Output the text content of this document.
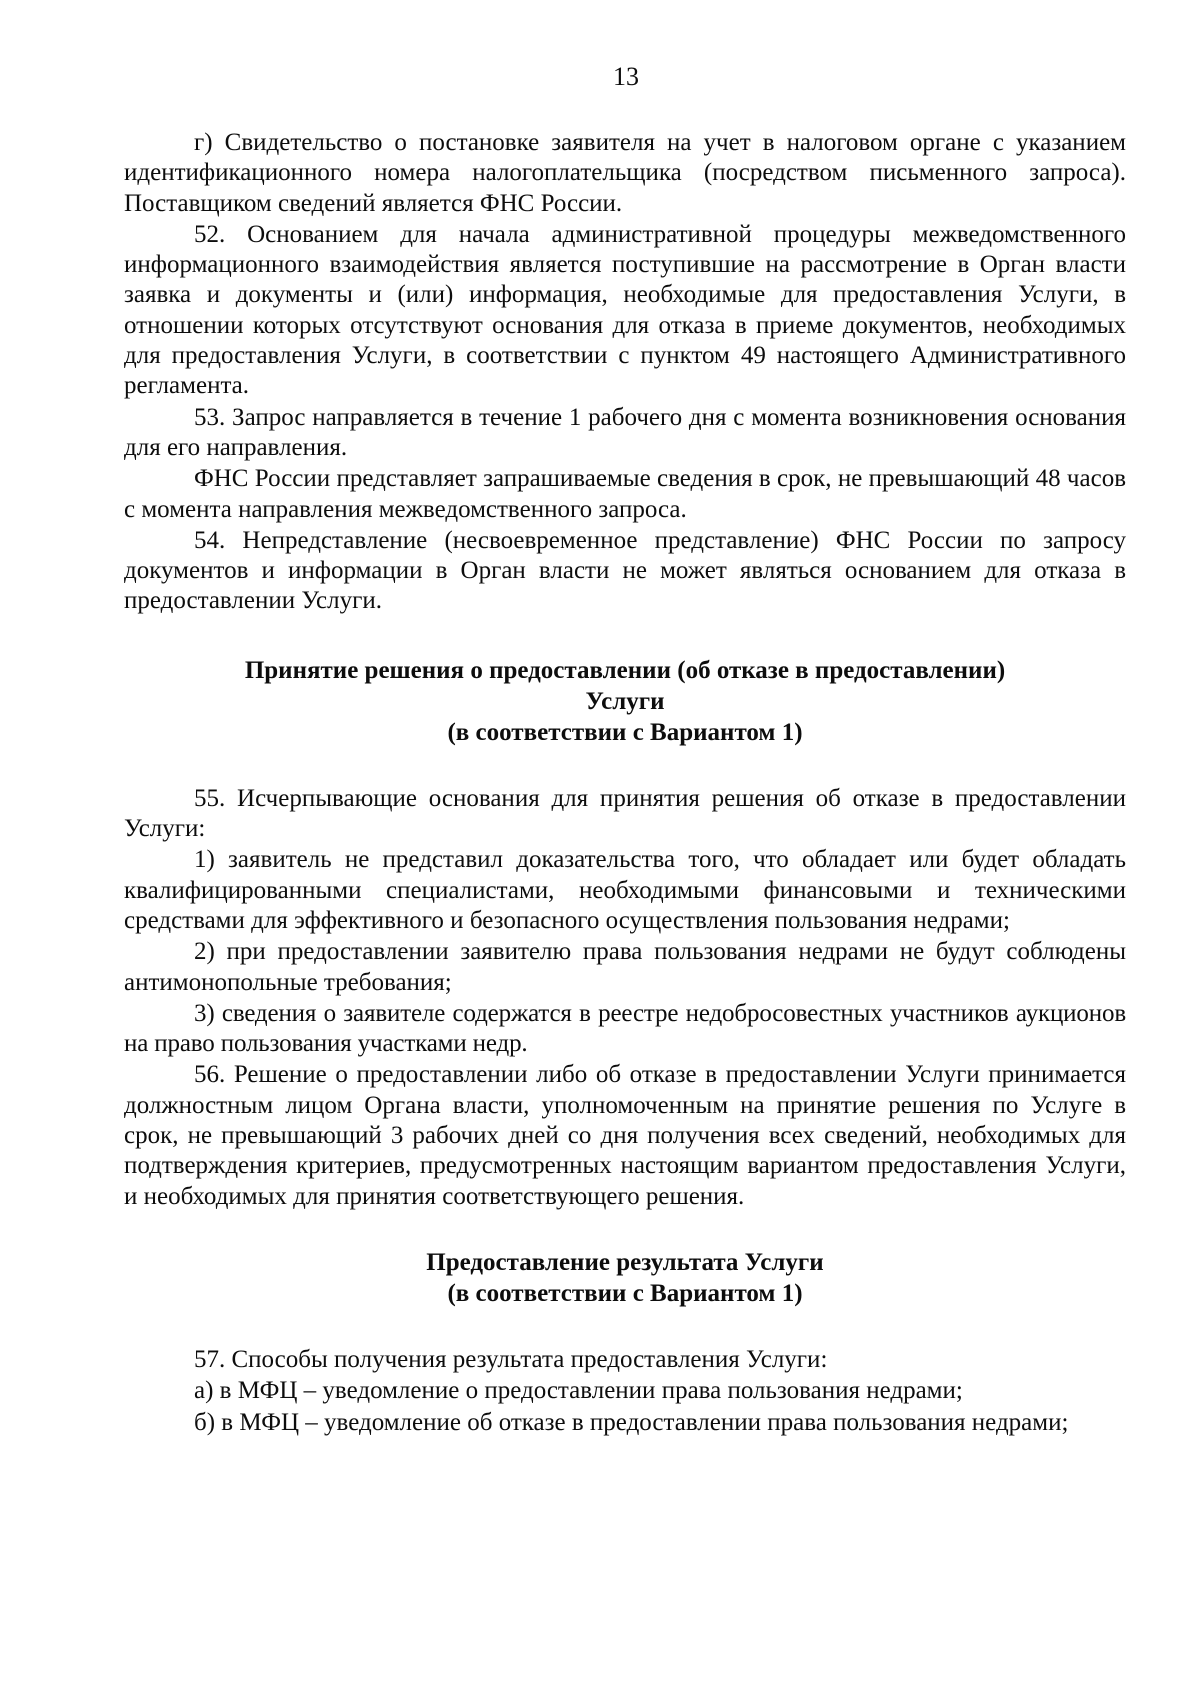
13

г) Свидетельство о постановке заявителя на учет в налоговом органе с указанием идентификационного номера налогоплательщика (посредством письменного запроса). Поставщиком сведений является ФНС России.

52. Основанием для начала административной процедуры межведомственного информационного взаимодействия является поступившие на рассмотрение в Орган власти заявка и документы и (или) информация, необходимые для предоставления Услуги, в отношении которых отсутствуют основания для отказа в приеме документов, необходимых для предоставления Услуги, в соответствии с пунктом 49 настоящего Административного регламента.

53. Запрос направляется в течение 1 рабочего дня с момента возникновения основания для его направления.

ФНС России представляет запрашиваемые сведения в срок, не превышающий 48 часов с момента направления межведомственного запроса.

54. Непредставление (несвоевременное представление) ФНС России по запросу документов и информации в Орган власти не может являться основанием для отказа в предоставлении Услуги.

Принятие решения о предоставлении (об отказе в предоставлении)
Услуги
(в соответствии с Вариантом 1)

55. Исчерпывающие основания для принятия решения об отказе в предоставлении Услуги:

1) заявитель не представил доказательства того, что обладает или будет обладать квалифицированными специалистами, необходимыми финансовыми и техническими средствами для эффективного и безопасного осуществления пользования недрами;

2) при предоставлении заявителю права пользования недрами не будут соблюдены антимонопольные требования;

3) сведения о заявителе содержатся в реестре недобросовестных участников аукционов на право пользования участками недр.

56. Решение о предоставлении либо об отказе в предоставлении Услуги принимается должностным лицом Органа власти, уполномоченным на принятие решения по Услуге в срок, не превышающий 3 рабочих дней со дня получения всех сведений, необходимых для подтверждения критериев, предусмотренных настоящим вариантом предоставления Услуги, и необходимых для принятия соответствующего решения.

Предоставление результата Услуги
(в соответствии с Вариантом 1)

57. Способы получения результата предоставления Услуги:

а) в МФЦ – уведомление о предоставлении права пользования недрами;

б) в МФЦ – уведомление об отказе в предоставлении права пользования недрами;
